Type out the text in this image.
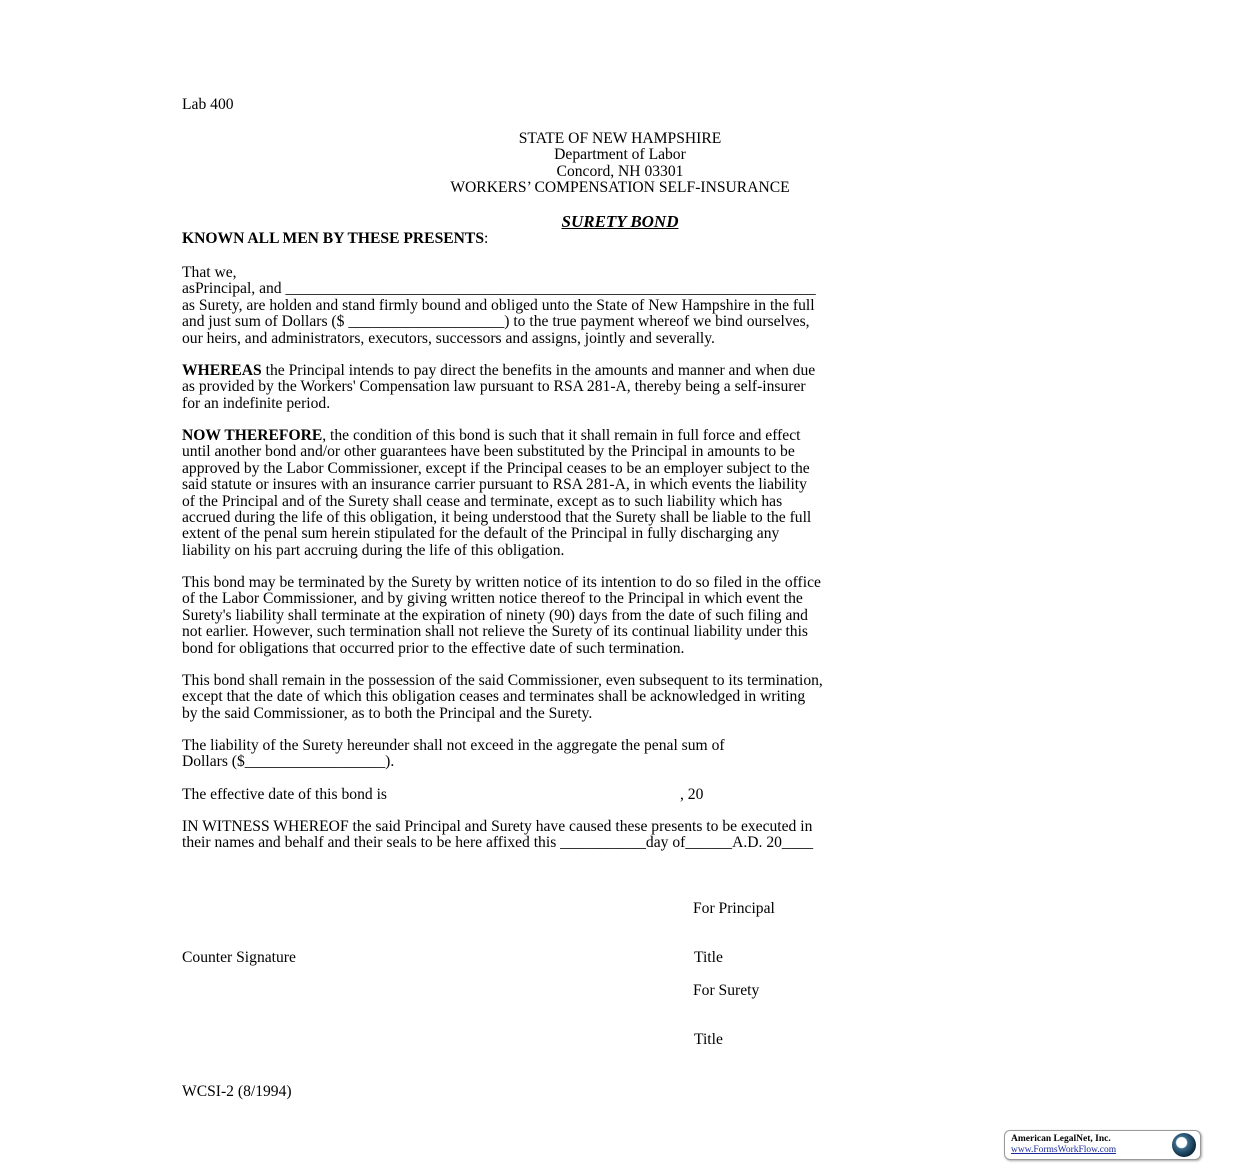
Lab 400
STATE OF NEW HAMPSHIRE
Department of Labor
Concord, NH 03301
WORKERS’ COMPENSATION SELF-INSURANCE
SURETY BOND
KNOWN ALL MEN BY THESE PRESENTS:
That we,
asPrincipal, and ____________________________________________________________________
as Surety, are holden and stand firmly bound and obliged unto the State of New Hampshire in the full
and just sum of Dollars ($ ____________________) to the true payment whereof we bind ourselves,
our heirs, and administrators, executors, successors and assigns, jointly and severally.
WHEREAS the Principal intends to pay direct the benefits in the amounts and manner and when due
as provided by the Workers' Compensation law pursuant to RSA 281-A, thereby being a self-insurer
for an indefinite period.
NOW THEREFORE, the condition of this bond is such that it shall remain in full force and effect
until another bond and/or other guarantees have been substituted by the Principal in amounts to be
approved by the Labor Commissioner, except if the Principal ceases to be an employer subject to the
said statute or insures with an insurance carrier pursuant to RSA 281-A, in which events the liability
of the Principal and of the Surety shall cease and terminate, except as to such liability which has
accrued during the life of this obligation, it being understood that the Surety shall be liable to the full
extent of the penal sum herein stipulated for the default of the Principal in fully discharging any
liability on his part accruing during the life of this obligation.
This bond may be terminated by the Surety by written notice of its intention to do so filed in the office
of the Labor Commissioner, and by giving written notice thereof to the Principal in which event the
Surety's liability shall terminate at the expiration of ninety (90) days from the date of such filing and
not earlier. However, such termination shall not relieve the Surety of its continual liability under this
bond for obligations that occurred prior to the effective date of such termination.
This bond shall remain in the possession of the said Commissioner, even subsequent to its termination,
except that the date of which this obligation ceases and terminates shall be acknowledged in writing
by the said Commissioner, as to both the Principal and the Surety.
The liability of the Surety hereunder shall not exceed in the aggregate the penal sum of
Dollars ($__________________).
The effective date of this bond is	, 20
IN WITNESS WHEREOF the said Principal and Surety have caused these presents to be executed in
their names and behalf and their seals to be here affixed this ___________day of______A.D. 20____
For Principal
Counter Signature	Title
For Surety
Title
WCSI-2 (8/1994)
American LegalNet, Inc.
www.FormsWorkFlow.com
